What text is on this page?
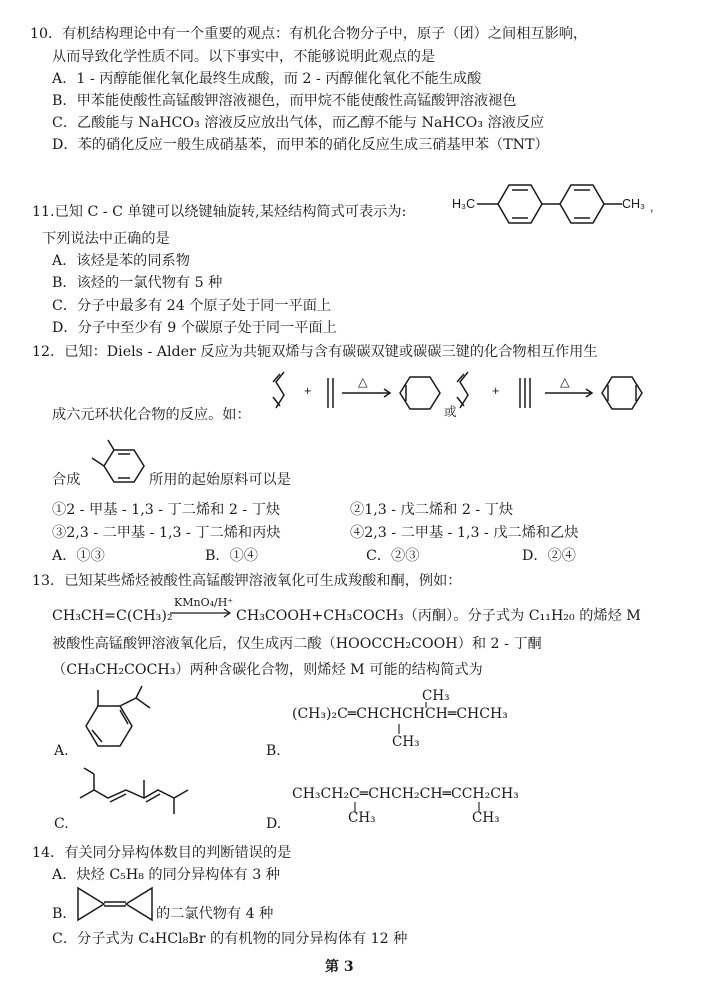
10．有机结构理论中有一个重要的观点：有机化合物分子中，原子（团）之间相互影响，
从而导致化学性质不同。以下事实中，不能够说明此观点的是
A．1 - 丙醇能催化氧化最终生成酸，而 2 - 丙醇催化氧化不能生成酸
B．甲苯能使酸性高锰酸钾溶液褪色，而甲烷不能使酸性高锰酸钾溶液褪色
C．乙酸能与 NaHCO₃ 溶液反应放出气体，而乙醇不能与 NaHCO₃ 溶液反应
D．苯的硝化反应一般生成硝基苯，而甲苯的硝化反应生成三硝基甲苯（TNT）
11.已知 C - C 单键可以绕键轴旋转,某烃结构简式可表示为:	H₃C	CH₃ ,
下列说法中正确的是
A．该烃是苯的同系物
B．该烃的一氯代物有 5 种
C．分子中最多有 24 个原子处于同一平面上
D．分子中至少有 9 个碳原子处于同一平面上
12．已知：Diels - Alder 反应为共轭双烯与含有碳碳双键或碳碳三键的化合物相互作用生
成六元环状化合物的反应。如：
+
△
或
+
△
合成	所用的起始原料可以是
①2 - 甲基 - 1,3 - 丁二烯和 2 - 丁炔	②1,3 - 戊二烯和 2 - 丁炔
③2,3 - 二甲基 - 1,3 - 丁二烯和丙炔	④2,3 - 二甲基 - 1,3 - 戊二烯和乙炔
A．①③	B．①④	C．②③	D．②④
13．已知某些烯烃被酸性高锰酸钾溶液氧化可生成羧酸和酮，例如：
CH₃CH=C(CH₃)₂
KMnO₄/H⁺
CH₃COOH+CH₃COCH₃（丙酮）。分子式为 C₁₁H₂₀ 的烯烃 M
被酸性高锰酸钾溶液氧化后，仅生成丙二酸（HOOCCH₂COOH）和 2 - 丁酮
（CH₃CH₂COCH₃）两种含碳化合物，则烯烃 M 可能的结构简式为
A.	B.
CH₃
(CH₃)₂C═CHCHCHCH═CHCH₃
CH₃
C.	D.
CH₃CH₂C═CHCH₂CH═CCH₂CH₃
CH₃	CH₃
14．有关同分异构体数目的判断错误的是
A．炔烃 C₅H₈ 的同分异构体有 3 种
B．	的二氯代物有 4 种
C．分子式为 C₄HCl₈Br 的有机物的同分异构体有 12 种
第 3
